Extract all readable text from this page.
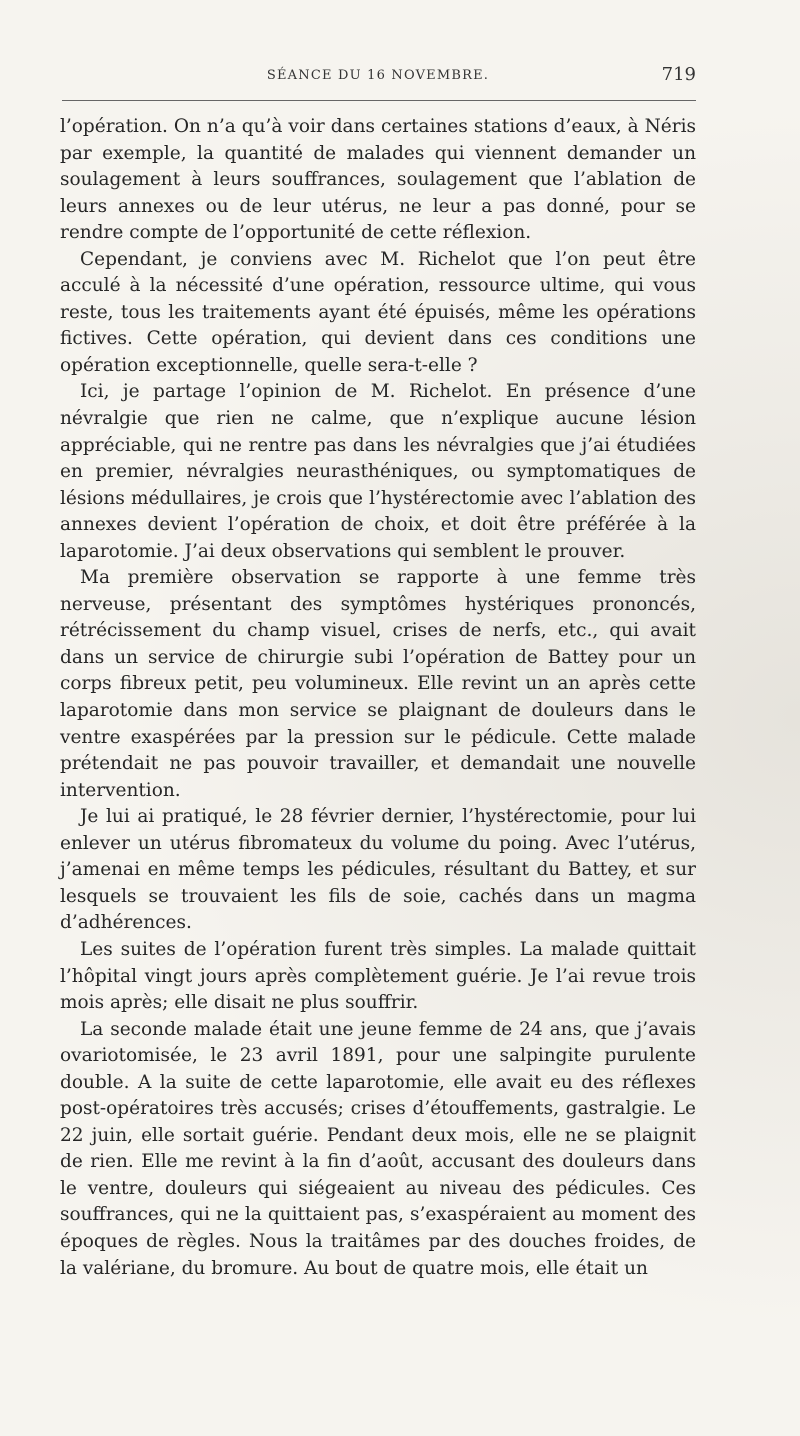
SÉANCE DU 16 NOVEMBRE.	719

l’opération. On n’a qu’à voir dans certaines stations d’eaux, à Néris par exemple, la quantité de malades qui viennent demander un soulagement à leurs souffrances, soulagement que l’ablation de leurs annexes ou de leur utérus, ne leur a pas donné, pour se rendre compte de l’opportunité de cette réflexion.

Cependant, je conviens avec M. Richelot que l’on peut être acculé à la nécessité d’une opération, ressource ultime, qui vous reste, tous les traitements ayant été épuisés, même les opérations fictives. Cette opération, qui devient dans ces conditions une opération exceptionnelle, quelle sera-t-elle ?

Ici, je partage l’opinion de M. Richelot. En présence d’une névralgie que rien ne calme, que n’explique aucune lésion appréciable, qui ne rentre pas dans les névralgies que j’ai étudiées en premier, névralgies neurasthéniques, ou symptomatiques de lésions médullaires, je crois que l’hystérectomie avec l’ablation des annexes devient l’opération de choix, et doit être préférée à la laparotomie. J’ai deux observations qui semblent le prouver.

Ma première observation se rapporte à une femme très nerveuse, présentant des symptômes hystériques prononcés, rétrécissement du champ visuel, crises de nerfs, etc., qui avait dans un service de chirurgie subi l’opération de Battey pour un corps fibreux petit, peu volumineux. Elle revint un an après cette laparotomie dans mon service se plaignant de douleurs dans le ventre exaspérées par la pression sur le pédicule. Cette malade prétendait ne pas pouvoir travailler, et demandait une nouvelle intervention.

Je lui ai pratiqué, le 28 février dernier, l’hystérectomie, pour lui enlever un utérus fibromateux du volume du poing. Avec l’utérus, j’amenai en même temps les pédicules, résultant du Battey, et sur lesquels se trouvaient les fils de soie, cachés dans un magma d’adhérences.

Les suites de l’opération furent très simples. La malade quittait l’hôpital vingt jours après complètement guérie. Je l’ai revue trois mois après; elle disait ne plus souffrir.

La seconde malade était une jeune femme de 24 ans, que j’avais ovariotomisée, le 23 avril 1891, pour une salpingite purulente double. A la suite de cette laparotomie, elle avait eu des réflexes post-opératoires très accusés; crises d’étouffements, gastralgie. Le 22 juin, elle sortait guérie. Pendant deux mois, elle ne se plaignit de rien. Elle me revint à la fin d’août, accusant des douleurs dans le ventre, douleurs qui siégeaient au niveau des pédicules. Ces souffrances, qui ne la quittaient pas, s’exaspéraient au moment des époques de règles. Nous la traitâmes par des douches froides, de la valériane, du bromure. Au bout de quatre mois, elle était un
